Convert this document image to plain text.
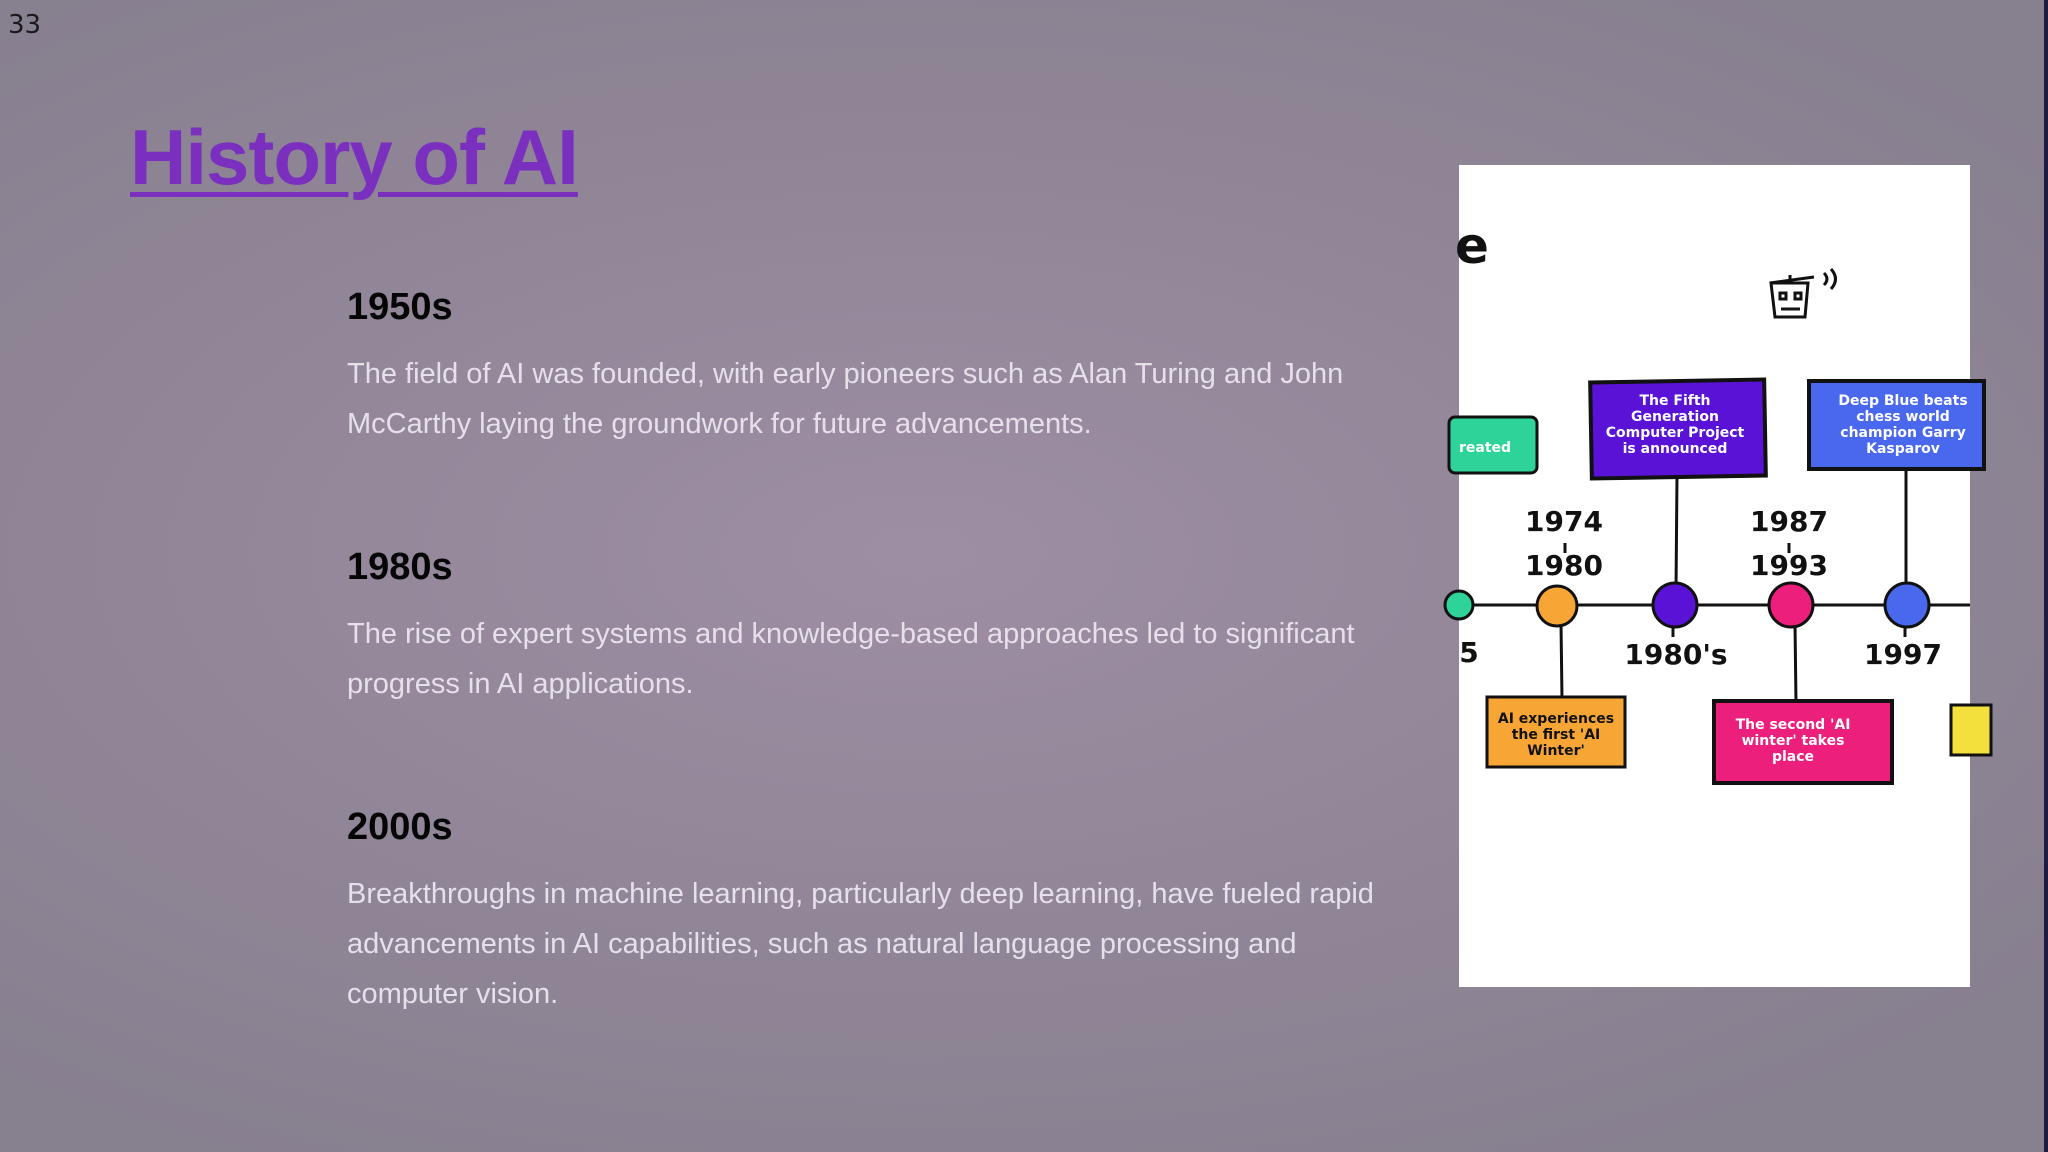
33
History of AI
1950s

The field of AI was founded, with early pioneers such as Alan Turing and John McCarthy laying the groundwork for future advancements.

1980s

The rise of expert systems and knowledge-based approaches led to significant progress in AI applications.

2000s

Breakthroughs in machine learning, particularly deep learning, have fueled rapid advancements in AI capabilities, such as natural language processing and computer vision.

e
reated
The Fifth
Generation
Computer Project
is announced
Deep Blue beats
chess world
champion Garry
Kasparov
1974
1980
1987
1993
5	1980's	1997
AI experiences
the first 'AI
Winter'
The second 'AI
winter' takes
place
